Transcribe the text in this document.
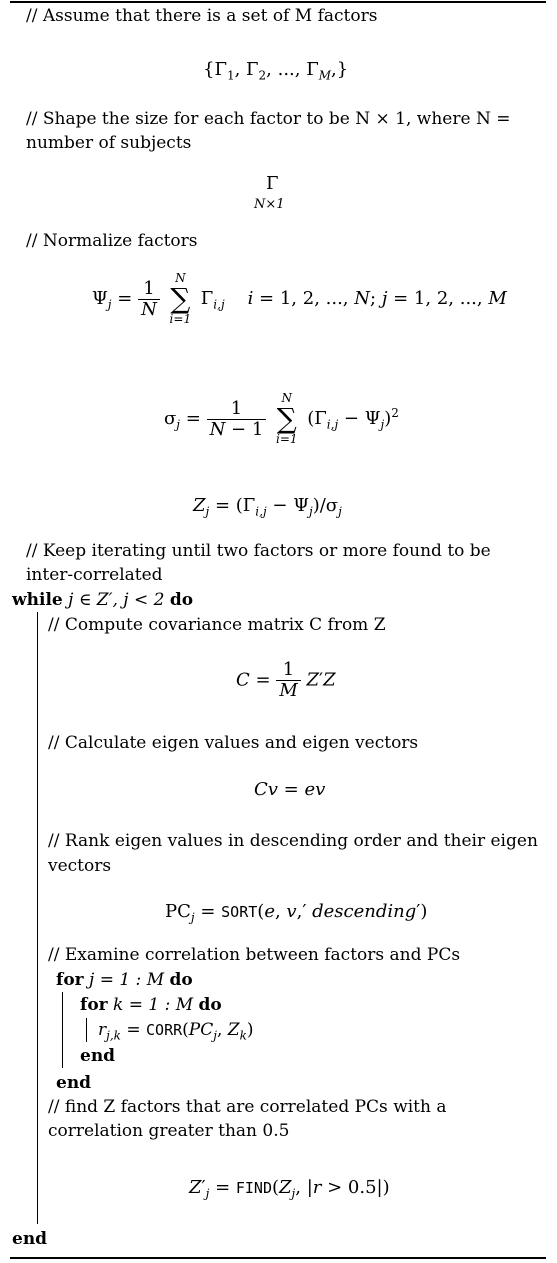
// Assume that there is a set of M factors
{$\Gamma_1$, $\Gamma_2$, ..., $\Gamma_M$,}
// Shape the size for each factor to be N × 1, where N =
number of subjects
Γ
N×1
// Normalize factors
$\Psi_j = \frac{1}{N}$

N
∑
i=1
$\Gamma_{i,j}$ i = 1, 2, ..., N; j = 1, 2, ..., M
$\sigma_j = \frac{1}{N - 1}$

N
∑
i=1
$(\Gamma_{i,j} - \Psi_j)^2$
$Z_j = (\Gamma_{i,j} - \Psi_j)/\sigma_j$
// Keep iterating until two factors or more found to be
inter-correlated
while j ∈ Z′, j < 2 do
// Compute covariance matrix C from Z
$C = \frac{1}{M} Z'Z$
// Calculate eigen values and eigen vectors
Cv = ev
// Rank eigen values in descending order and their eigen
vectors
$PC_j$ = SORT(e, v,′ descending′)
// Examine correlation between factors and PCs
for j = 1 : M do
for k = 1 : M do
$r_{j,k}$ = $CORR(PC_j$, $Z_k$)
end
end
// find Z factors that are correlated PCs with a
correlation greater than 0.5
$Z'_j$ = $FIND(Z_j$, |r > 0.5|)
end
